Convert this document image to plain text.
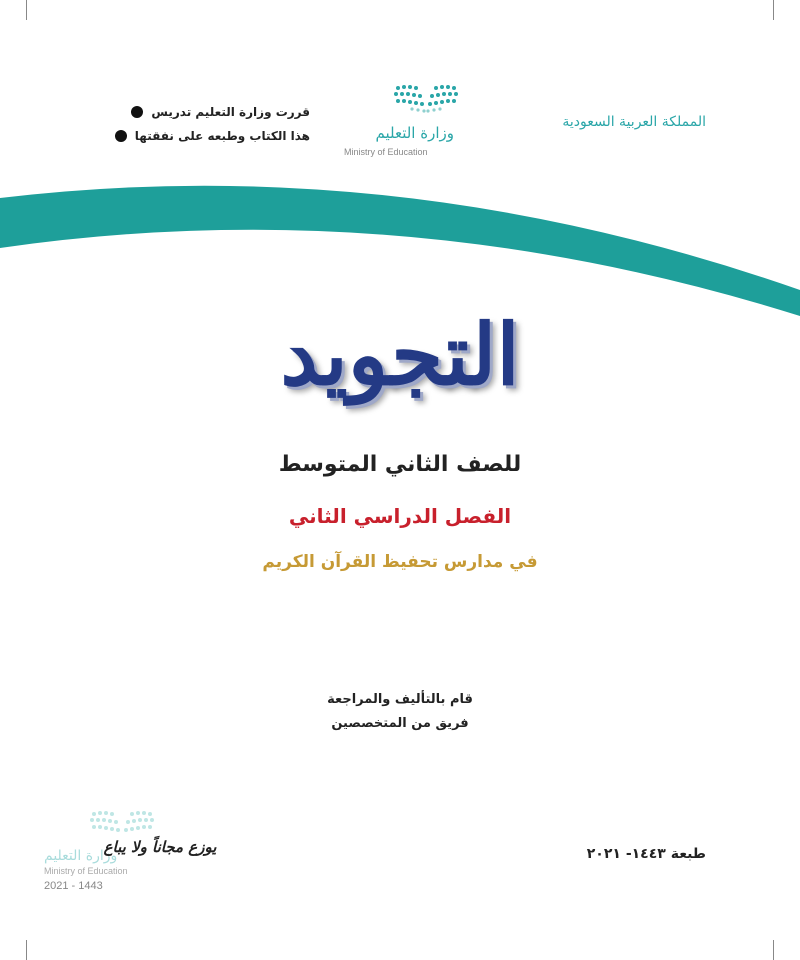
المملكة العربية السعودية
وزارة التعليم
Ministry of Education
قررت وزارة التعليم تدريس
هذا الكتاب وطبعه على نفقتها
التجويد
للصف الثاني المتوسط
الفصل الدراسي الثاني
في مدارس تحفيظ القرآن الكريم
قام بالتأليف والمراجعة
فريق من المتخصصين
طبعة ١٤٤٣- ٢٠٢١
وزارة التعليم
Ministry of Education
2021 - 1443
يوزع مجاناً ولا يباع
